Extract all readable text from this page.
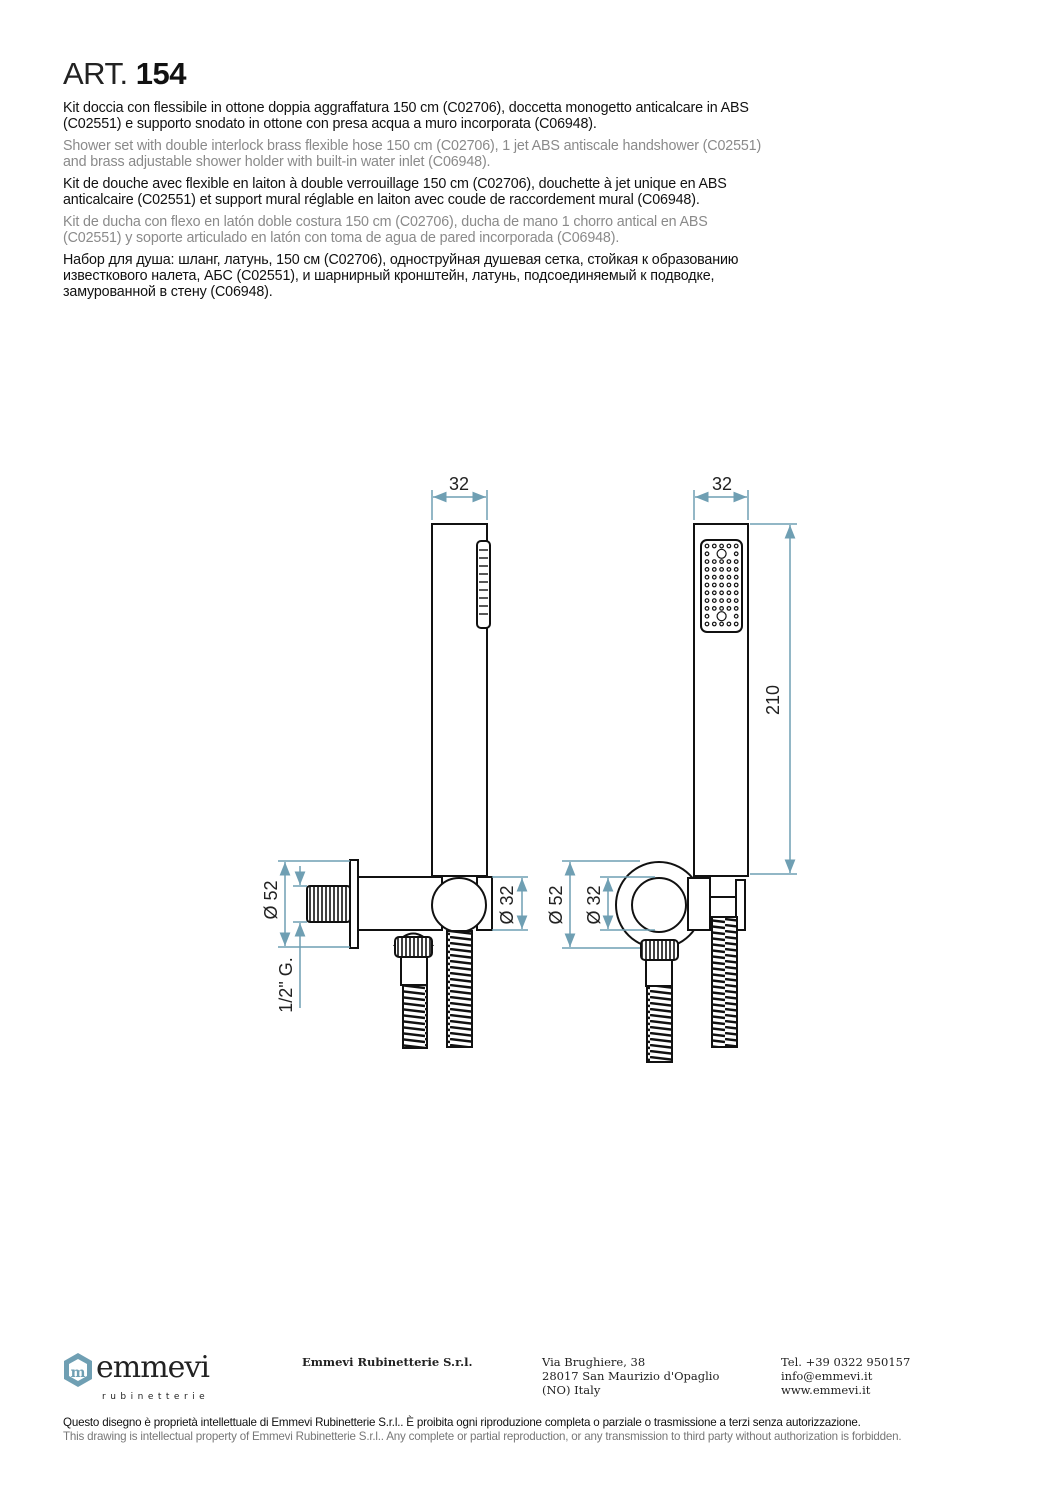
ART. 154

Kit doccia con flessibile in ottone doppia aggraffatura 150 cm (C02706), doccetta monogetto anticalcare in ABS (C02551) e supporto snodato in ottone con presa acqua a muro incorporata (C06948).

Shower set with double interlock brass flexible hose 150 cm (C02706), 1 jet ABS antiscale handshower (C02551) and brass adjustable shower holder with built-in water inlet (C06948).

Kit de douche avec flexible en laiton à double verrouillage 150 cm (C02706), douchette à jet unique en ABS anticalcaire (C02551) et support mural réglable en laiton avec coude de raccordement mural (C06948).

Kit de ducha con flexo en latón doble costura 150 cm (C02706), ducha de mano 1 chorro antical en ABS (C02551) y soporte articulado en latón con toma de agua de pared incorporada (C06948).

Набор для душа: шланг, латунь, 150 см (C02706), одноструйная душевая сетка, стойкая к образованию известкового налета, АБС (C02551), и шарнирный кронштейн, латунь, подсоединяемый к подводке, замурованной в стену (C06948).

32	32
210
Ø 52
1/2" G.
Ø 32 Ø 52 Ø 32
m emmevi
rubinetterie
Emmevi Rubinetterie S.r.l.	Via Brughiere, 38
28017 San Maurizio d'Opaglio
(NO) Italy
Tel. +39 0322 950157
info@emmevi.it
www.emmevi.it

Questo disegno è proprietà intellettuale di Emmevi Rubinetterie S.r.l.. È proibita ogni riproduzione completa o parziale o trasmissione a terzi senza autorizzazione.

This drawing is intellectual property of Emmevi Rubinetterie S.r.l.. Any complete or partial reproduction, or any transmission to third party without authorization is forbidden.
